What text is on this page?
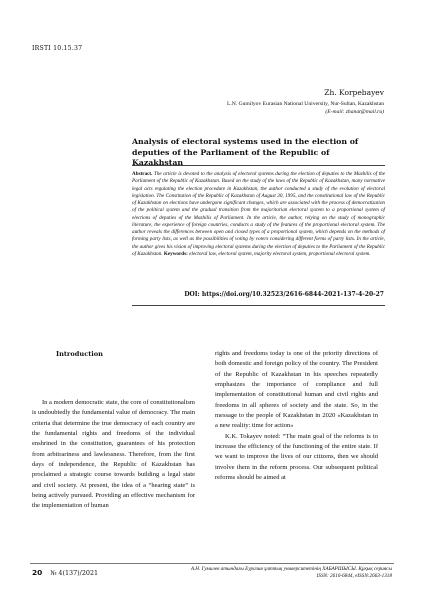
IRSTI 10.15.37
Zh. Korpebayev
L.N. Gumilyov Eurasian National University, Nur-Sultan, Kazakhstan
(E-mail: zhanat@mail.ru)
Analysis of electoral systems used in the election of deputies of the Parliament of the Republic of Kazakhstan
Abstract. The article is devoted to the analysis of electoral systems during the election of deputies to the Mazhilis of the Parliament of the Republic of Kazakhstan. Based on the study of the laws of the Republic of Kazakhstan, many normative legal acts regulating the election procedure in Kazakhstan, the author conducted a study of the evolution of electoral legislation. The Constitution of the Republic of Kazakhstan of August 30, 1995, and the constitutional law of the Republic of Kazakhstan on elections have undergone significant changes, which are associated with the process of democratization of the political system and the gradual transition from the majoritarian electoral system to a proportional system of elections of deputies of the Mazhilis of Parliament. In the article, the author, relying on the study of monographic literature, the experience of foreign countries, conducts a study of the features of the proportional electoral system. The author reveals the differences between open and closed types of a proportional system, which depends on the methods of forming party lists, as well as the possibilities of voting by voters considering different forms of party lists. In the article, the author gives his vision of improving electoral systems during the election of deputies to the Parliament of the Republic of Kazakhstan. Keywords: electoral law, electoral system, majority electoral system, proportional electoral system.
DOI: https://doi.org/10.32523/2616-6844-2021-137-4-20-27
Introduction

In a modern democratic state, the core of constitutionalism is undoubtedly the fundamental value of democracy. The main criteria that determine the true democracy of each country are the fundamental rights and freedoms of the individual enshrined in the constitution, guarantees of his protection from arbitrariness and lawlessness. Therefore, from the first days of independence, the Republic of Kazakhstan has proclaimed a strategic course towards building a legal state and civil society. At present, the idea of a “hearing state” is being actively pursued. Providing an effective mechanism for the implementation of human

rights and freedoms today is one of the priority directions of both domestic and foreign policy of the country. The President of the Republic of Kazakhstan in his speeches repeatedly emphasizes the importance of compliance and full implementation of constitutional human and civil rights and freedoms in all spheres of society and the state. So, in the message to the people of Kazakhstan in 2020 «Kazakhstan in a new reality: time for action»

K.K. Tokayev noted: “The main goal of the reforms is to increase the efficiency of the functioning of the entire state. If we want to improve the lives of our citizens, then we should involve them in the reform process. Our subsequent political reforms should be aimed at

20 № 4(137)/2021	А.Н. Гумилев атындағы Еуразия ұлттық университетінің ХАБАРШЫСЫ. Құқық сериясы
ISSN: 2616-6844, eISSN:2663-1318
